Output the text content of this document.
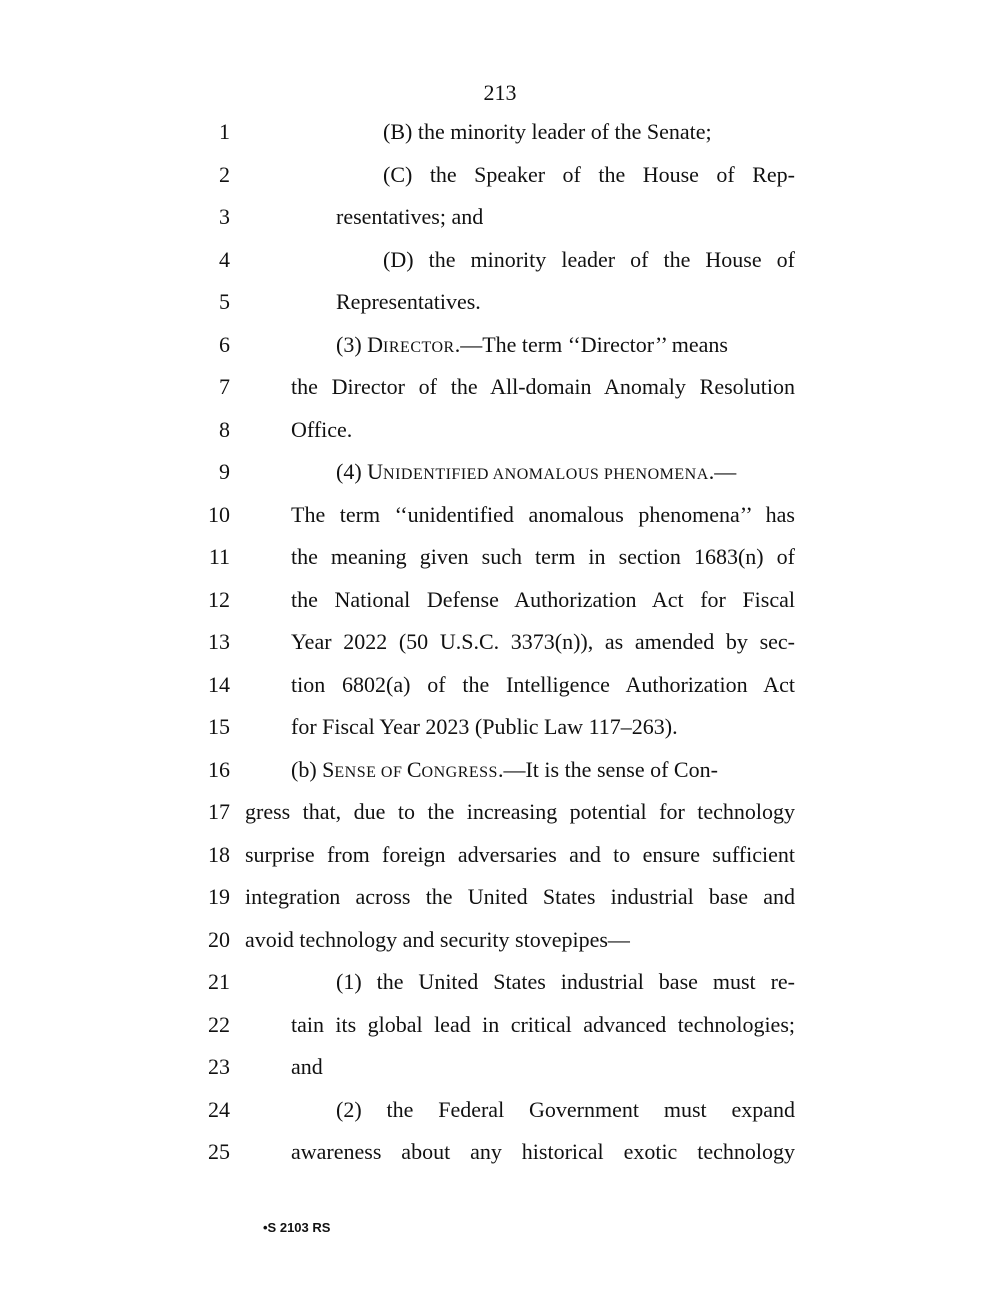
213
1	(B) the minority leader of the Senate;
2	(C) the Speaker of the House of Rep-
3	resentatives; and
4	(D) the minority leader of the House of
5	Representatives.
6	(3) DIRECTOR.—The term ‘‘Director’’ means
7	the Director of the All-domain Anomaly Resolution
8	Office.
9	(4) UNIDENTIFIED ANOMALOUS PHENOMENA.—
10	The term ‘‘unidentified anomalous phenomena’’ has
11	the meaning given such term in section 1683(n) of
12	the National Defense Authorization Act for Fiscal
13	Year 2022 (50 U.S.C. 3373(n)), as amended by sec-
14	tion 6802(a) of the Intelligence Authorization Act
15	for Fiscal Year 2023 (Public Law 117–263).
16	(b) SENSE OF CONGRESS.—It is the sense of Con-
17 gress that, due to the increasing potential for technology
18 surprise from foreign adversaries and to ensure sufficient
19 integration across the United States industrial base and
20 avoid technology and security stovepipes—
21	(1) the United States industrial base must re-
22	tain its global lead in critical advanced technologies;
23	and
24	(2) the Federal Government must expand
25	awareness about any historical exotic technology
•S 2103 RS
